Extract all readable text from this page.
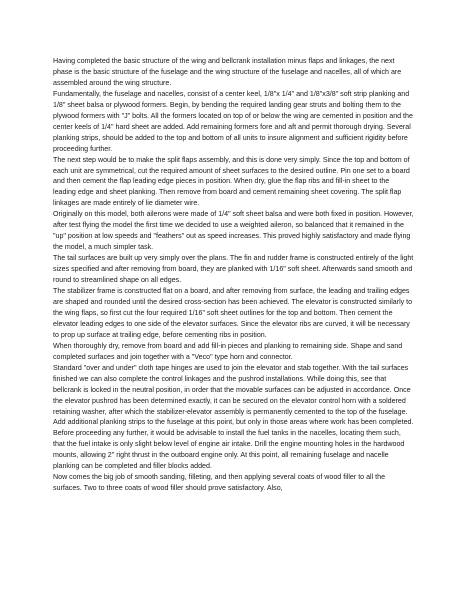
Having completed the basic structure of the wing and bellcrank installation minus flaps and linkages, the next phase is the basic structure of the fuselage and the wing structure of the fuselage and nacelles, all of which are assembled around the wing structure.

Fundamentally, the fuselage and nacelles, consist of a center keel, 1/8"x 1/4" and 1/8"x3/8" soft strip planking and 1/8" sheet balsa or plywood formers. Begin, by bending the required landing gear struts and bolting them to the plywood formers with "J" bolts. All the formers located on top of or below the wing are cemented in position and the center keels of 1/4" hard sheet are added. Add remaining formers fore and aft and permit thorough drying. Several planking strips, should be added to the top and bottom of all units to insure alignment and sufficient rigidity before proceeding further.

The next step would be to make the split flaps assembly, and this is done very simply. Since the top and bottom of each unit are symmetrical, cut the required amount of sheet surfaces to the desired outline. Pin one set to a board and then cement the flap leading edge pieces in position. When dry, glue the flap ribs and fill-in sheet to the leading edge and sheet planking. Then remove from board and cement remaining sheet covering. The split flap linkages are made entirely of lie diameter wire.

Originally on this model, both ailerons were made of 1/4" soft sheet balsa and were both fixed in position. However, after test flying the model the first time we decided to use a weighted aileron, so balanced that it remained in the "up" position at low speeds and "feathers" out as speed increases. This proved highly satisfactory and made flying the model, a much simpler task.

The tail surfaces are built up very simply over the plans. The fin and rudder frame is constructed entirely of the light sizes specified and after removing from board, they are planked with 1/16" soft sheet. Afterwards sand smooth and round to streamlined shape on all edges.

The stabilizer frame is constructed flat on a board, and after removing from surface, the leading and trailing edges are shaped and rounded until the desired cross-section has been achieved. The elevator is constructed similarly to the wing flaps, so first cut the four required 1/16" soft sheet outlines for the top and bottom. Then cement the elevator leading edges to one side of the elevator surfaces. Since the elevator ribs are curved, it will be necessary to prop up surface at trailing edge, before cementing ribs in position.

When thoroughly dry, remove from board and add fill-in pieces and planking to remaining side. Shape and sand completed surfaces and join together with a "Veco" type horn and connector.

Standard "over and under" cloth tape hinges are used to join the elevator and stab together. With the tail surfaces finished we can also complete the control linkages and the pushrod installations. While doing this, see that bellcrank is locked in the neutral position, in order that the movable surfaces can be adjusted in accordance. Once the elevator pushrod has been determined exactly, it can be secured on the elevator control horn with a soldered retaining washer, after which the stabilizer-elevator assembly is permanently cemented to the top of the fuselage. Add additional planking strips to the fuselage at this point, but only in those areas where work has been completed.

Before proceeding any further, it would be advisable to install the fuel tanks in the nacelles, locating them such, that the fuel intake is only slight below level of engine air intake. Drill the engine mounting holes in the hardwood mounts, allowing 2" right thrust in the outboard engine only. At this point, all remaining fuselage and nacelle planking can be completed and filler blocks added.

Now comes the big job of smooth sanding, filleting, and then applying several coats of wood filler to all the surfaces. Two to three coats of wood filler should prove satisfactory. Also,
